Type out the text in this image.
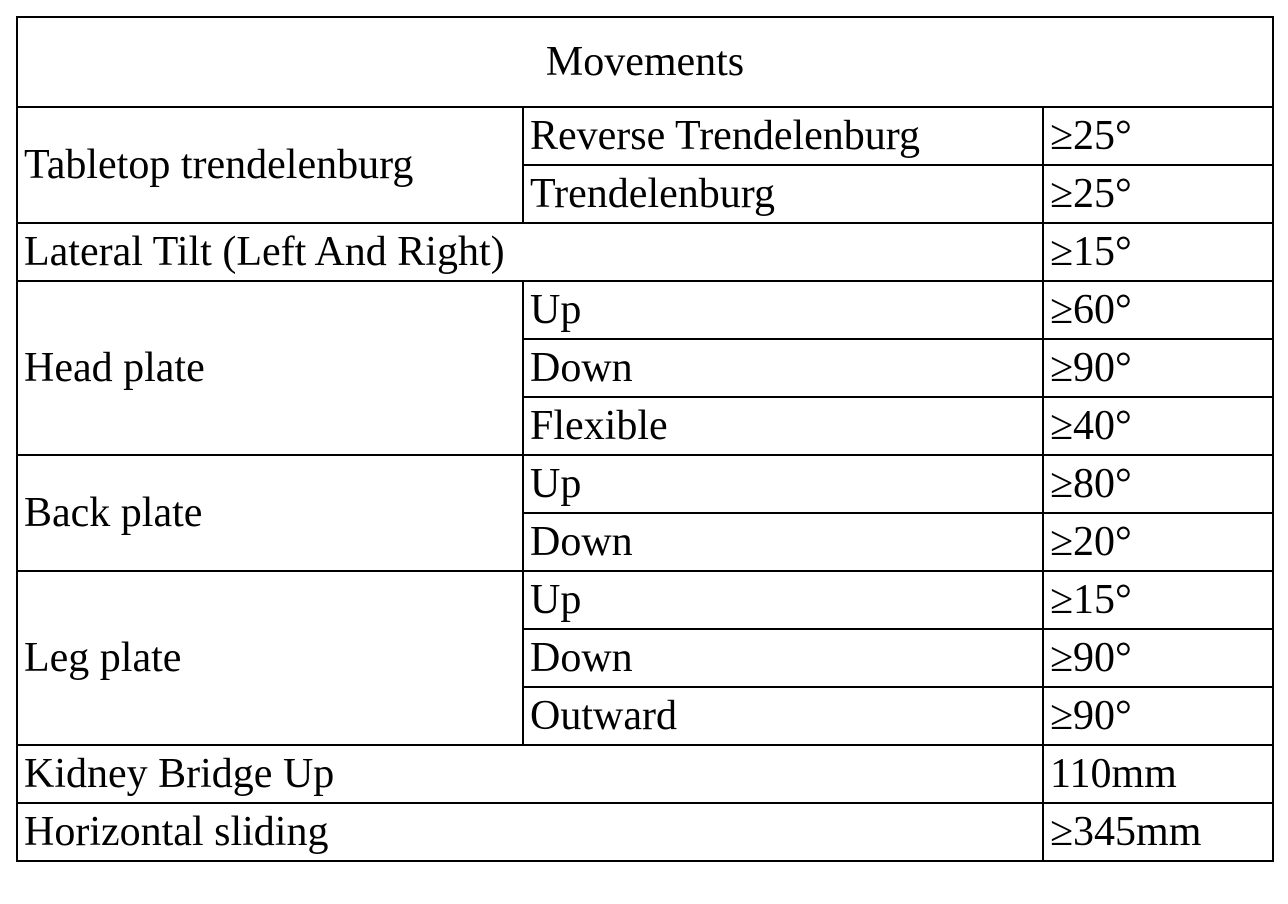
Movements		
Tabletop trendelenburg	Reverse Trendelenburg	≥25°
	Trendelenburg	≥25°
Lateral Tilt (Left And Right)		≥15°
Head plate	Up	≥60°
	Down	≥90°
	Flexible	≥40°
Back plate	Up	≥80°
	Down	≥20°
Leg plate	Up	≥15°
	Down	≥90°
	Outward	≥90°
Kidney Bridge Up		110mm
Horizontal sliding		≥345mm
